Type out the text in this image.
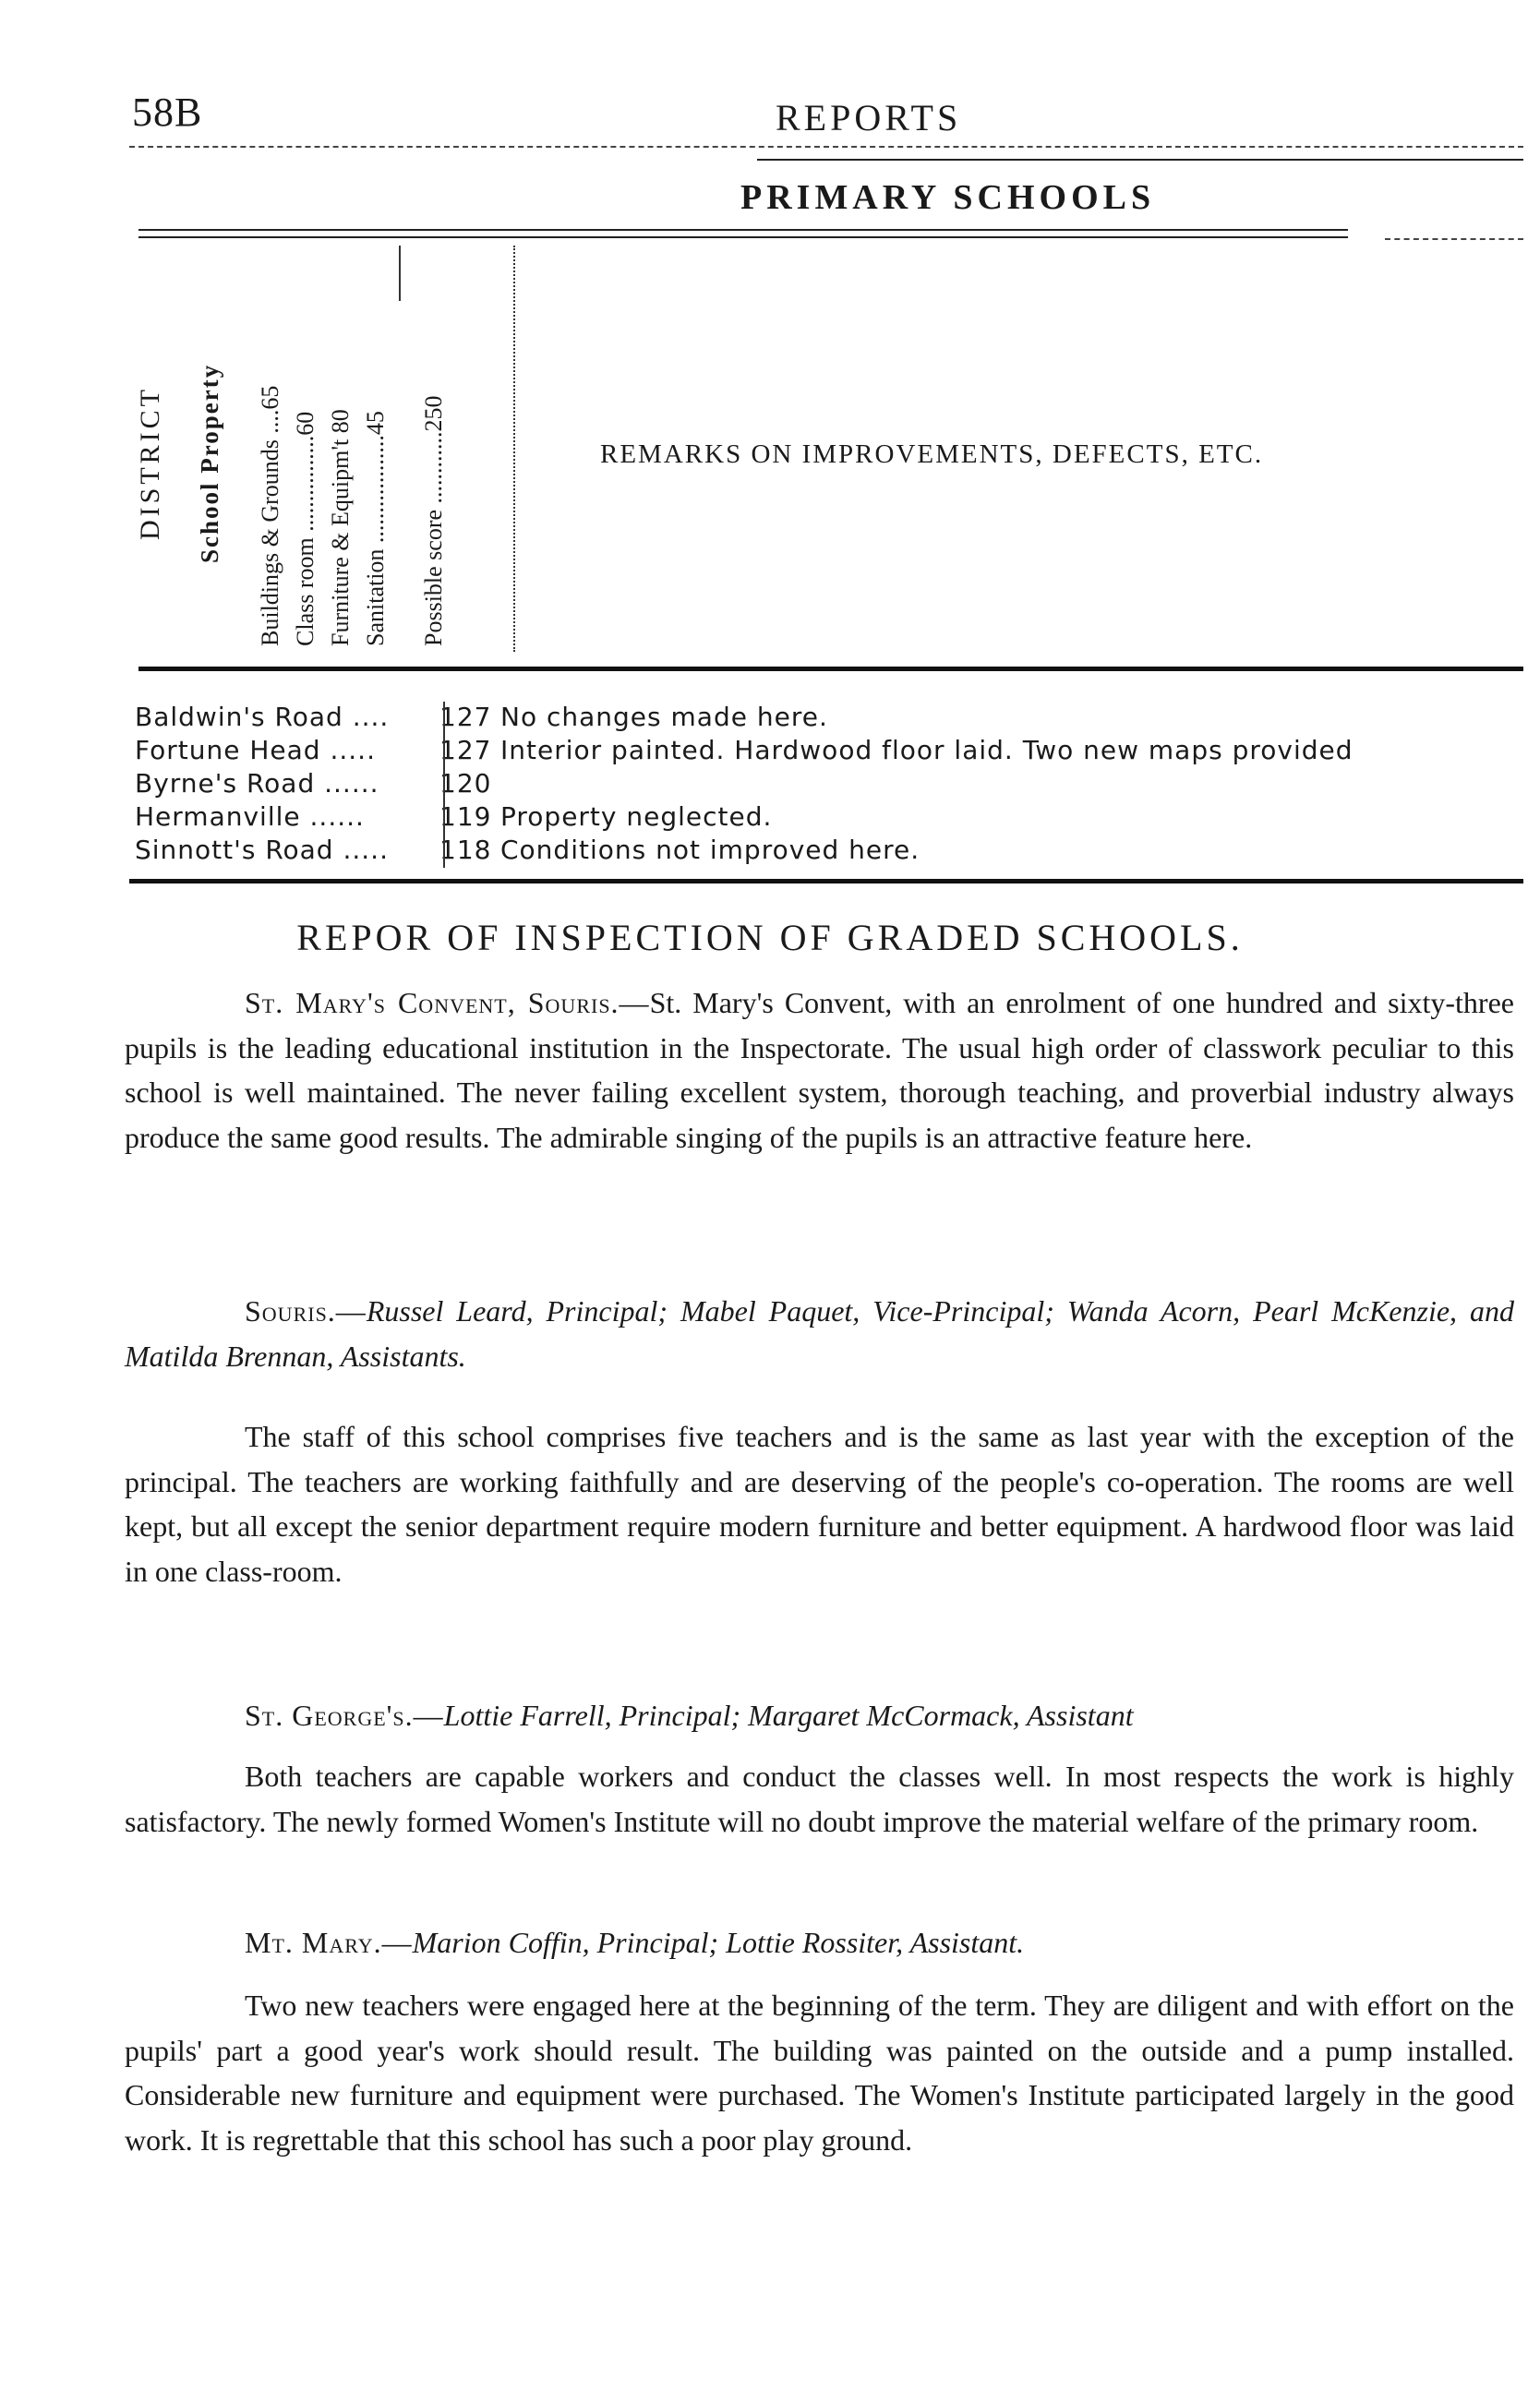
58B	REPORTS
PRIMARY SCHOOLS
DISTRICT School Property Buildings & Grounds ....65 Class room ................60 Furniture & Equipm't 80 Sanitation ..................45 Possible score ............250	REMARKS ON IMPROVEMENTS, DEFECTS, ETC.
Baldwin's Road .... 127 No changes made here.
Fortune Head ..... 127 Interior painted. Hardwood floor laid. Two new maps provided
Byrne's Road ...... 120
Hermanville ......	119 Property neglected.
Sinnott's Road ..... 118 Conditions not improved here.
REPOR OF INSPECTION OF GRADED SCHOOLS.
St. Mary's Convent, Souris.—St. Mary's Convent, with an enrolment of one hundred and sixty-three pupils is the leading educational institution in the Inspectorate. The usual high order of classwork peculiar to this school is well maintained. The never failing excellent system, thorough teaching, and proverbial industry always produce the same good results. The admirable singing of the pupils is an attractive feature here.
Souris.—Russel Leard, Principal; Mabel Paquet, Vice-Principal; Wanda Acorn, Pearl McKenzie, and Matilda Brennan, Assistants.
The staff of this school comprises five teachers and is the same as last year with the exception of the principal. The teachers are working faithfully and are deserving of the people's co-operation. The rooms are well kept, but all except the senior department require modern furniture and better equipment. A hardwood floor was laid in one class-room.
St. George's.—Lottie Farrell, Principal; Margaret McCormack, Assistant
Both teachers are capable workers and conduct the classes well. In most respects the work is highly satisfactory. The newly formed Women's Institute will no doubt improve the material welfare of the primary room.
Mt. Mary.—Marion Coffin, Principal; Lottie Rossiter, Assistant.
Two new teachers were engaged here at the beginning of the term. They are diligent and with effort on the pupils' part a good year's work should result. The building was painted on the outside and a pump installed. Considerable new furniture and equipment were purchased. The Women's Institute participated largely in the good work. It is regrettable that this school has such a poor play ground.
